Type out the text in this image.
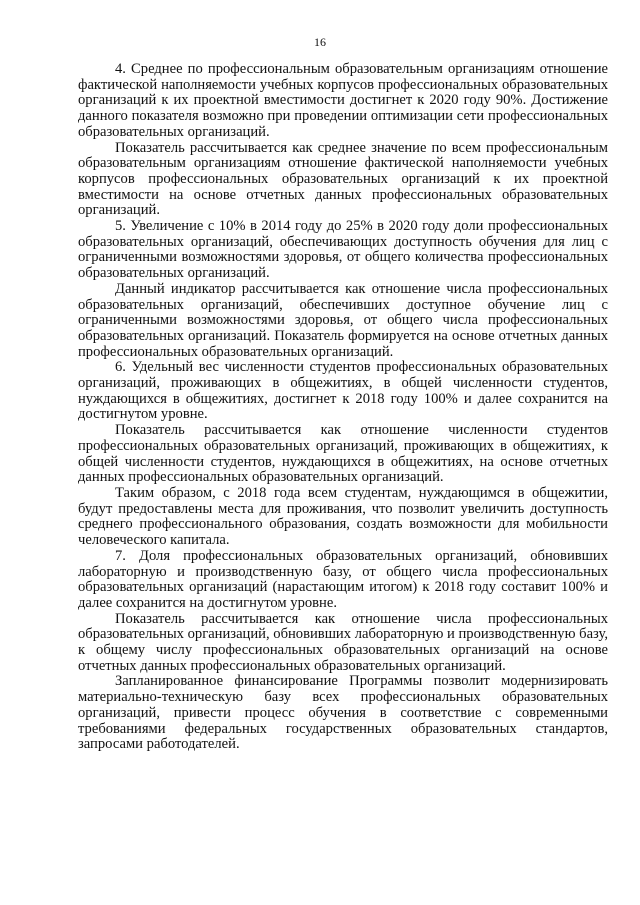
16

4. Среднее по профессиональным образовательным организациям отношение фактической наполняемости учебных корпусов профессиональных образовательных организаций к их проектной вместимости достигнет к 2020 году 90%. Достижение данного показателя возможно при проведении оптимизации сети профессиональных образовательных организаций.

Показатель рассчитывается как среднее значение по всем профессиональным образовательным организациям отношение фактической наполняемости учебных корпусов профессиональных образовательных организаций к их проектной вместимости на основе отчетных данных профессиональных образовательных организаций.

5. Увеличение с 10% в 2014 году до 25% в 2020 году доли профессиональных образовательных организаций, обеспечивающих доступность обучения для лиц с ограниченными возможностями здоровья, от общего количества профессиональных образовательных организаций.

Данный индикатор рассчитывается как отношение числа профессиональных образовательных организаций, обеспечивших доступное обучение лиц с ограниченными возможностями здоровья, от общего числа профессиональных образовательных организаций. Показатель формируется на основе отчетных данных профессиональных образовательных организаций.

6. Удельный вес численности студентов профессиональных образовательных организаций, проживающих в общежитиях, в общей численности студентов, нуждающихся в общежитиях, достигнет к 2018 году 100% и далее сохранится на достигнутом уровне.

Показатель рассчитывается как отношение численности студентов профессиональных образовательных организаций, проживающих в общежитиях, к общей численности студентов, нуждающихся в общежитиях, на основе отчетных данных профессиональных образовательных организаций.

Таким образом, с 2018 года всем студентам, нуждающимся в общежитии, будут предоставлены места для проживания, что позволит увеличить доступность среднего профессионального образования, создать возможности для мобильности человеческого капитала.

7. Доля профессиональных образовательных организаций, обновивших лабораторную и производственную базу, от общего числа профессиональных образовательных организаций (нарастающим итогом) к 2018 году составит 100% и далее сохранится на достигнутом уровне.

Показатель рассчитывается как отношение числа профессиональных образовательных организаций, обновивших лабораторную и производственную базу, к общему числу профессиональных образовательных организаций на основе отчетных данных профессиональных образовательных организаций.

Запланированное финансирование Программы позволит модернизировать материально-техническую базу всех профессиональных образовательных организаций, привести процесс обучения в соответствие с современными требованиями федеральных государственных образовательных стандартов, запросами работодателей.
